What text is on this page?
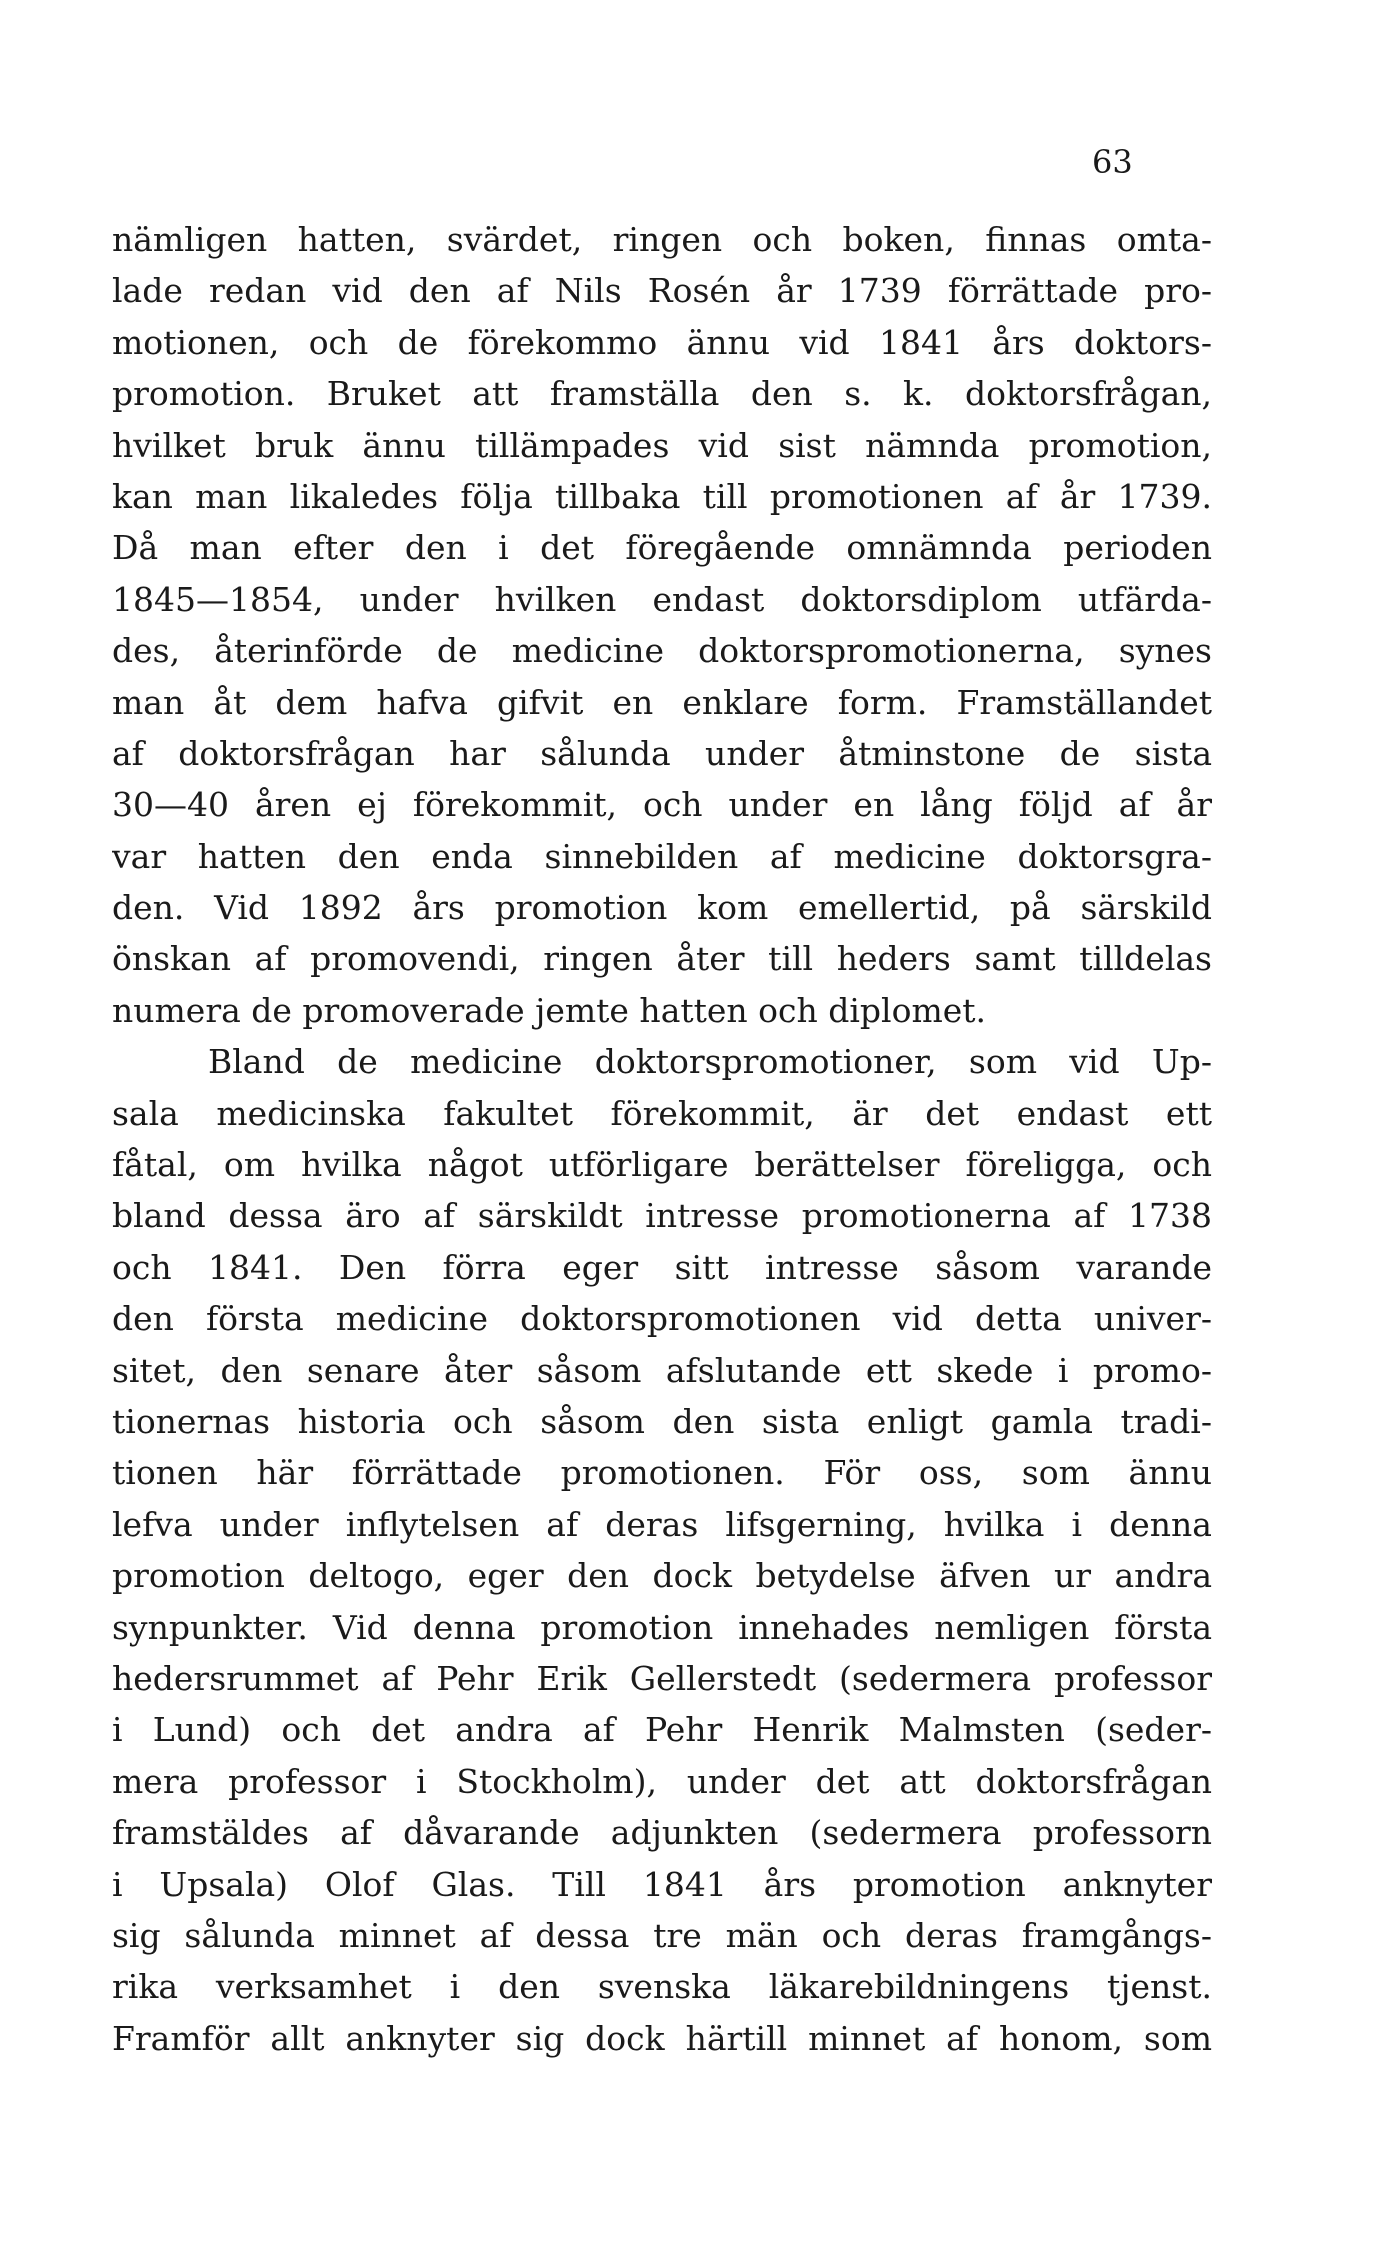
63
nämligen hatten, svärdet, ringen och boken, finnas omta-
lade redan vid den af Nils Rosén år 1739 förrättade pro-
motionen, och de förekommo ännu vid 1841 års doktors-
promotion. Bruket att framställa den s. k. doktorsfrågan,
hvilket bruk ännu tillämpades vid sist nämnda promotion,
kan man likaledes följa tillbaka till promotionen af år 1739.
Då man efter den i det föregående omnämnda perioden
1845—1854, under hvilken endast doktorsdiplom utfärda-
des, återinförde de medicine doktorspromotionerna, synes
man åt dem hafva gifvit en enklare form. Framställandet
af doktorsfrågan har sålunda under åtminstone de sista
30—40 åren ej förekommit, och under en lång följd af år
var hatten den enda sinnebilden af medicine doktorsgra-
den. Vid 1892 års promotion kom emellertid, på särskild
önskan af promovendi, ringen åter till heders samt tilldelas
numera de promoverade jemte hatten och diplomet.
Bland de medicine doktorspromotioner, som vid Up-
sala medicinska fakultet förekommit, är det endast ett
fåtal, om hvilka något utförligare berättelser föreligga, och
bland dessa äro af särskildt intresse promotionerna af 1738
och 1841. Den förra eger sitt intresse såsom varande
den första medicine doktorspromotionen vid detta univer-
sitet, den senare åter såsom afslutande ett skede i promo-
tionernas historia och såsom den sista enligt gamla tradi-
tionen här förrättade promotionen. För oss, som ännu
lefva under inflytelsen af deras lifsgerning, hvilka i denna
promotion deltogo, eger den dock betydelse äfven ur andra
synpunkter. Vid denna promotion innehades nemligen första
hedersrummet af Pehr Erik Gellerstedt (sedermera professor
i Lund) och det andra af Pehr Henrik Malmsten (seder-
mera professor i Stockholm), under det att doktorsfrågan
framstäldes af dåvarande adjunkten (sedermera professorn
i Upsala) Olof Glas. Till 1841 års promotion anknyter
sig sålunda minnet af dessa tre män och deras framgångs-
rika verksamhet i den svenska läkarebildningens tjenst.
Framför allt anknyter sig dock härtill minnet af honom, som
